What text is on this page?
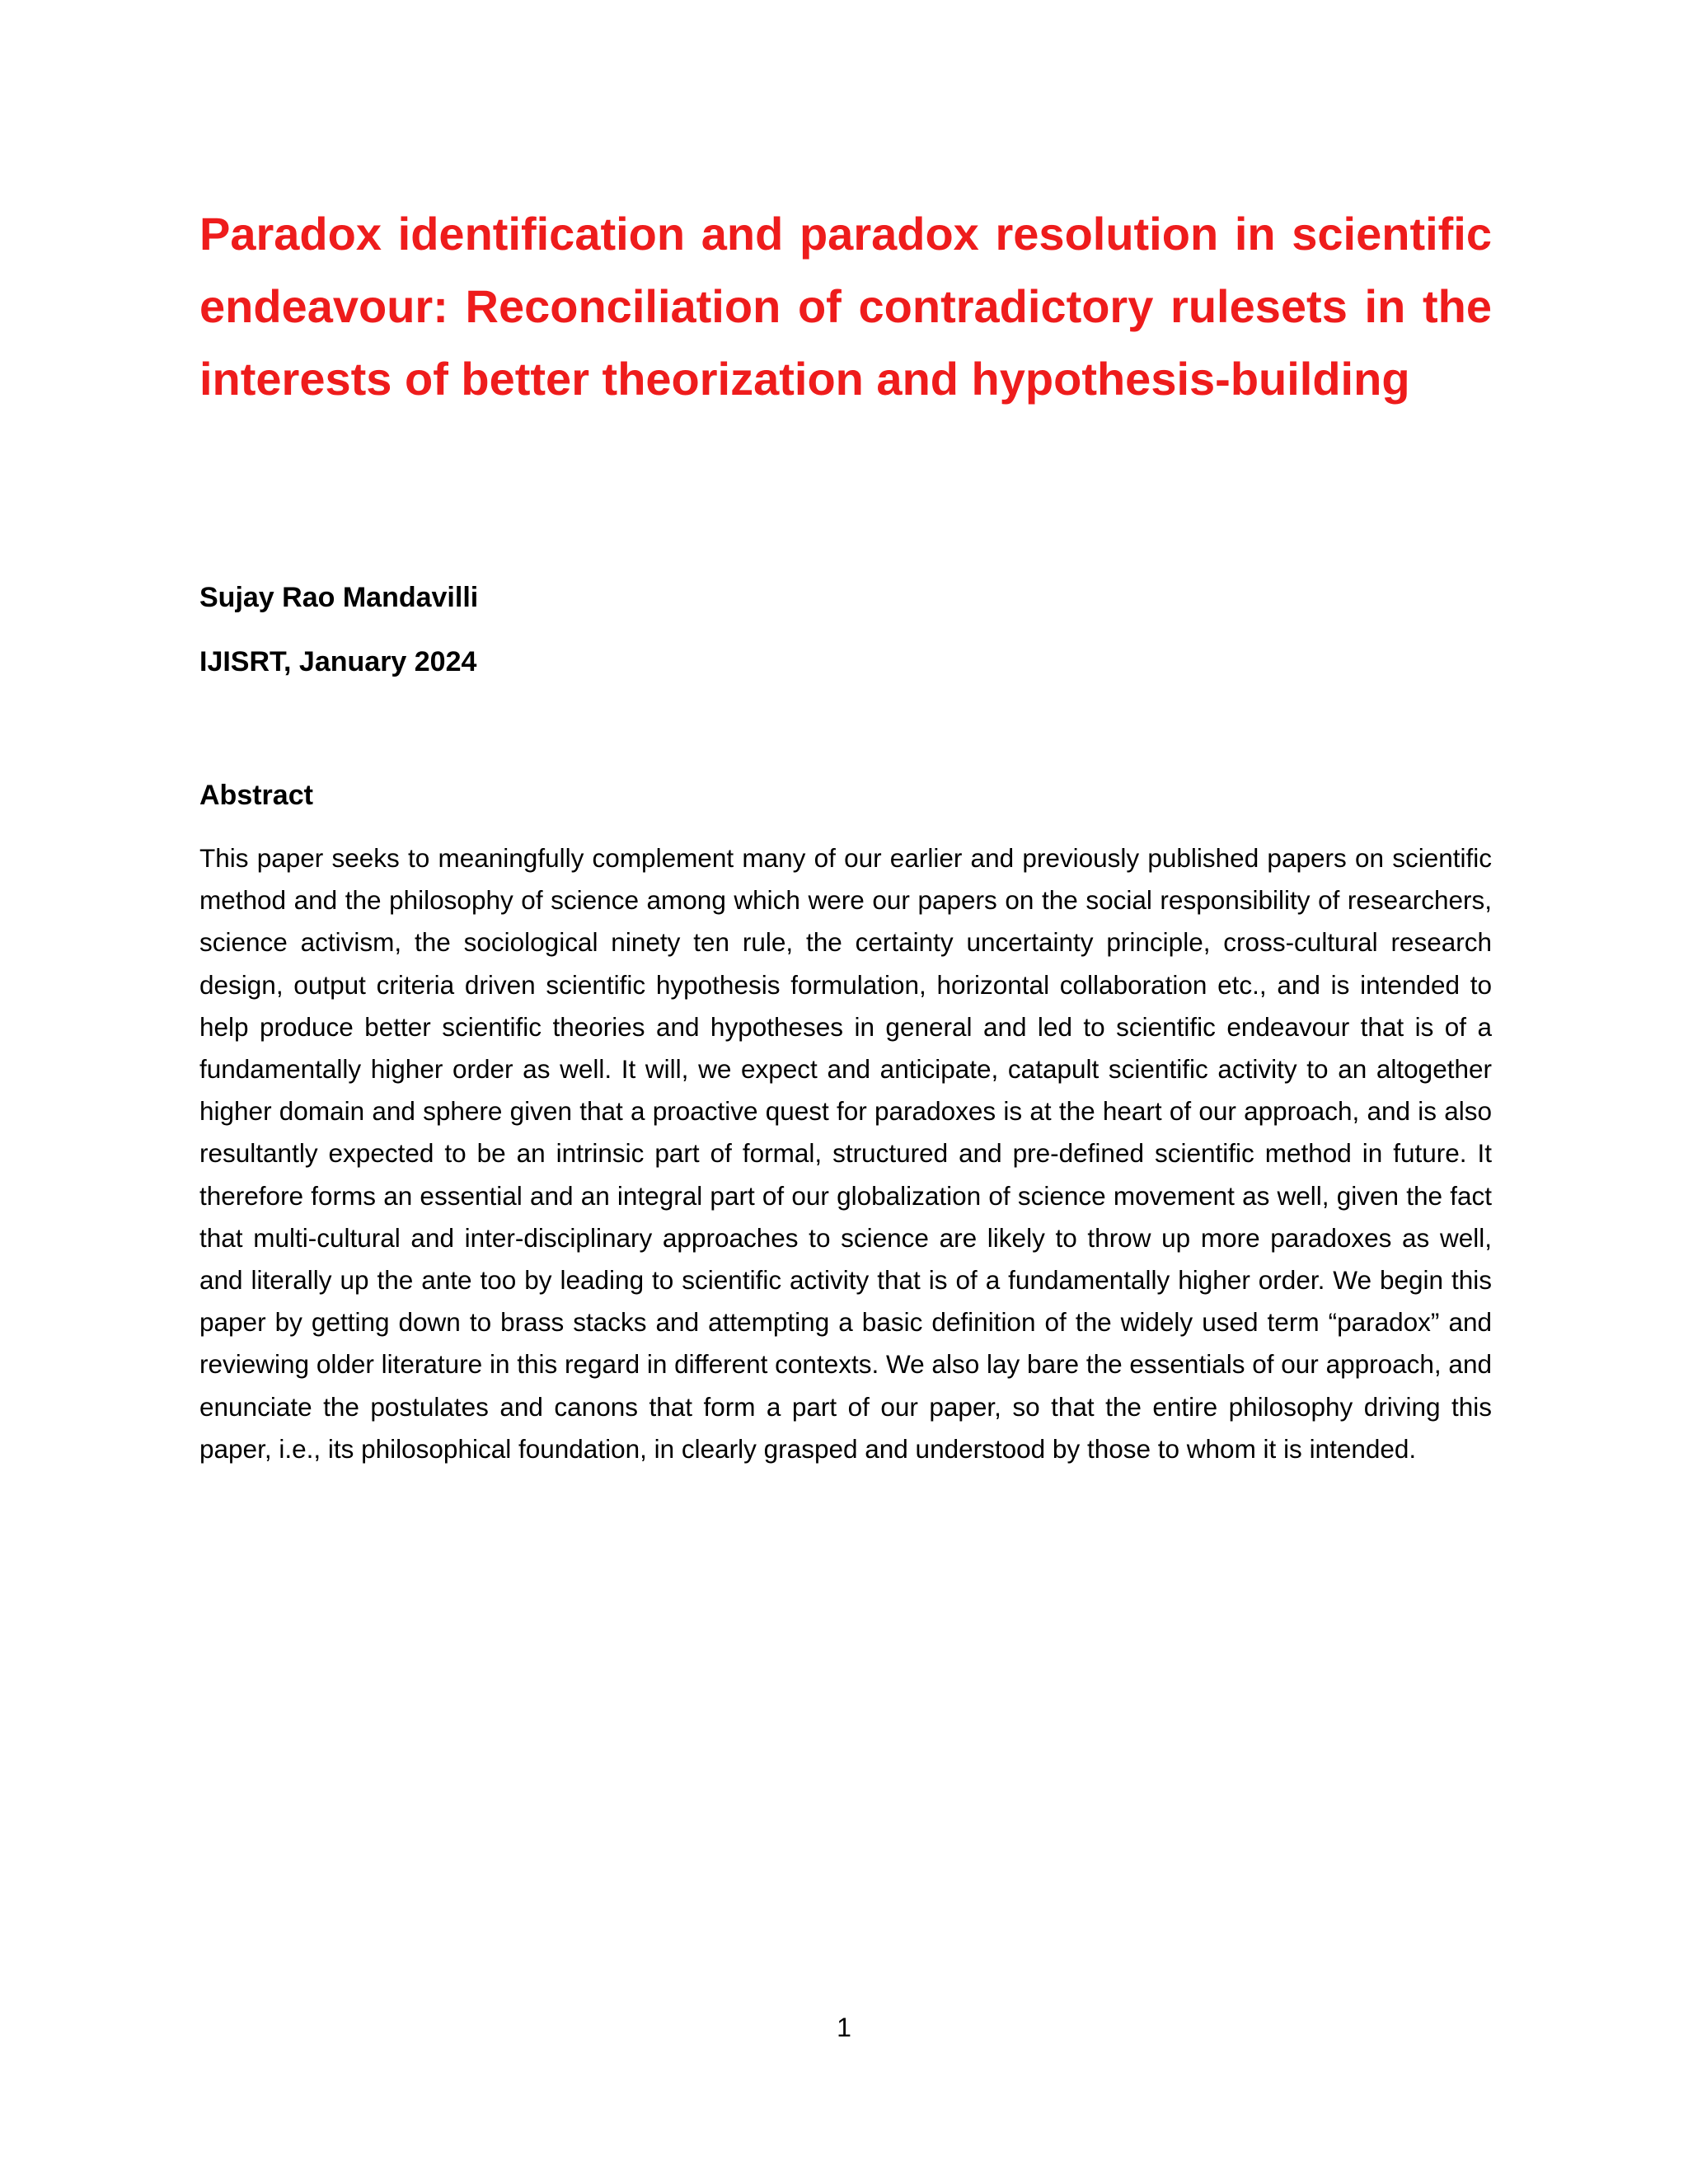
Paradox identification and paradox resolution in scientific endeavour: Reconciliation of contradictory rulesets in the interests of better theorization and hypothesis-building

Sujay Rao Mandavilli

IJISRT, January 2024

Abstract

This paper seeks to meaningfully complement many of our earlier and previously published papers on scientific method and the philosophy of science among which were our papers on the social responsibility of researchers, science activism, the sociological ninety ten rule, the certainty uncertainty principle, cross-cultural research design, output criteria driven scientific hypothesis formulation, horizontal collaboration etc., and is intended to help produce better scientific theories and hypotheses in general and led to scientific endeavour that is of a fundamentally higher order as well. It will, we expect and anticipate, catapult scientific activity to an altogether higher domain and sphere given that a proactive quest for paradoxes is at the heart of our approach, and is also resultantly expected to be an intrinsic part of formal, structured and pre-defined scientific method in future. It therefore forms an essential and an integral part of our globalization of science movement as well, given the fact that multi-cultural and inter-disciplinary approaches to science are likely to throw up more paradoxes as well, and literally up the ante too by leading to scientific activity that is of a fundamentally higher order. We begin this paper by getting down to brass stacks and attempting a basic definition of the widely used term “paradox” and reviewing older literature in this regard in different contexts. We also lay bare the essentials of our approach, and enunciate the postulates and canons that form a part of our paper, so that the entire philosophy driving this paper, i.e., its philosophical foundation, in clearly grasped and understood by those to whom it is intended.

1
